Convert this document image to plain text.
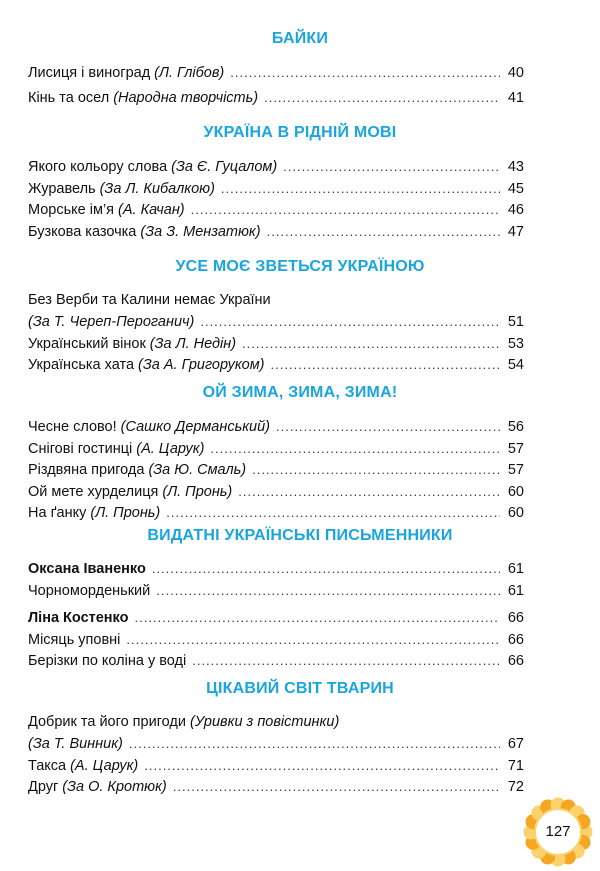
БАЙКИ
Лисиця і виноград (Л. Глібов) .....	40
Кінь та осел (Народна творчість) .....	41
УКРАЇНА В РІДНІЙ МОВІ
Якого кольору слова (За Є. Гуцалом) .....	43
Журавель (За Л. Кибалкою) .....	45
Морське ім’я (А. Качан) .....	46
Бузкова казочка (За З. Мензатюк) .....	47
УСЕ МОЄ ЗВЕТЬСЯ УКРАЇНОЮ
Без Верби та Калини немає України
(За Т. Череп-Пероганич) .....	51
Український вінок (За Л. Недін) .....	53
Українська хата (За А. Григоруком) .....	54
ОЙ ЗИМА, ЗИМА, ЗИМА!
Чесне слово! (Сашко Дерманський) .....	56
Снігові гостинці (А. Царук) .....	57
Різдвяна пригода (За Ю. Смаль) .....	57
Ой мете хурделиця (Л. Пронь) .....	60
На ґанку (Л. Пронь) .....	60
ВИДАТНІ УКРАЇНСЬКІ ПИСЬМЕННИКИ
Оксана Іваненко .....	61
Чорноморденький .....	61
Ліна Костенко .....	66
Місяць уповні .....	66
Берізки по коліна у воді .....	66
ЦІКАВИЙ СВІТ ТВАРИН
Добрик та його пригоди (Уривки з повістинки)
(За Т. Винник) .....	67
Такса (А. Царук) .....	71
Друг (За О. Кротюк) .....	72
127
